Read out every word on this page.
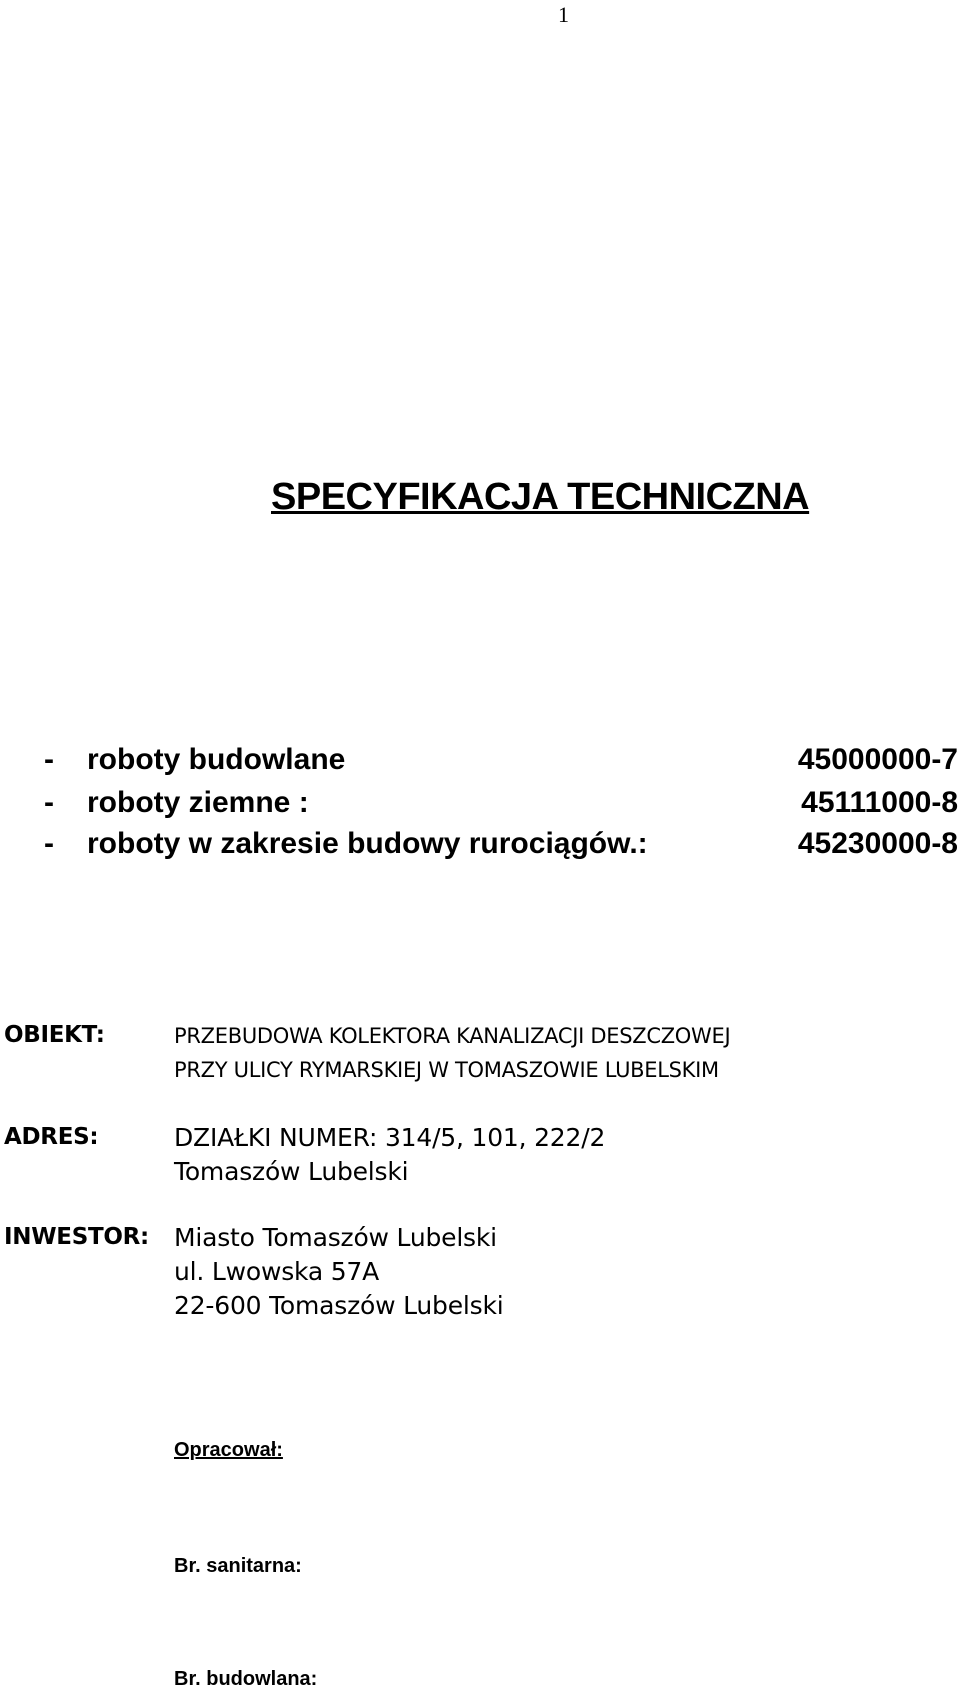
1
SPECYFIKACJA TECHNICZNA
- roboty budowlane	45000000-7
- roboty ziemne :	45111000-8
- roboty w zakresie budowy rurociągów.:	45230000-8
OBIEKT:	PRZEBUDOWA KOLEKTORA KANALIZACJI DESZCZOWEJ
PRZY ULICY RYMARSKIEJ W TOMASZOWIE LUBELSKIM
ADRES:	DZIAŁKI NUMER: 314/5, 101, 222/2
Tomaszów Lubelski
INWESTOR: Miasto Tomaszów Lubelski
ul. Lwowska 57A
22-600 Tomaszów Lubelski
Opracował:
Br. sanitarna:
Br. budowlana:
